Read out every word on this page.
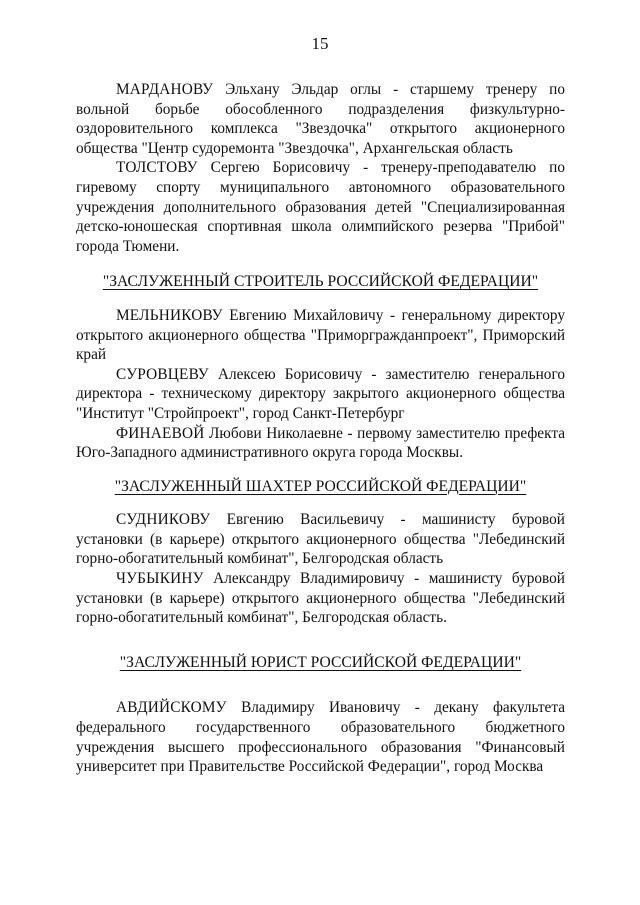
15

МАРДАНОВУ Эльхану Эльдар оглы - старшему тренеру по вольной борьбе обособленного подразделения физкультурно-оздоровительного комплекса "Звездочка" открытого акционерного общества "Центр судоремонта "Звездочка", Архангельская область

ТОЛСТОВУ Сергею Борисовичу - тренеру-преподавателю по гиревому спорту муниципального автономного образовательного учреждения дополнительного образования детей "Специализированная детско-юношеская спортивная школа олимпийского резерва "Прибой" города Тюмени.

"ЗАСЛУЖЕННЫЙ СТРОИТЕЛЬ РОССИЙСКОЙ ФЕДЕРАЦИИ"

МЕЛЬНИКОВУ Евгению Михайловичу - генеральному директору открытого акционерного общества "Приморгражданпроект", Приморский край

СУРОВЦЕВУ Алексею Борисовичу - заместителю генерального директора - техническому директору закрытого акционерного общества "Институт "Стройпроект", город Санкт-Петербург

ФИНАЕВОЙ Любови Николаевне - первому заместителю префекта Юго-Западного административного округа города Москвы.

"ЗАСЛУЖЕННЫЙ ШАХТЕР РОССИЙСКОЙ ФЕДЕРАЦИИ"

СУДНИКОВУ Евгению Васильевичу - машинисту буровой установки (в карьере) открытого акционерного общества "Лебединский горно-обогатительный комбинат", Белгородская область

ЧУБЫКИНУ Александру Владимировичу - машинисту буровой установки (в карьере) открытого акционерного общества "Лебединский горно-обогатительный комбинат", Белгородская область.

"ЗАСЛУЖЕННЫЙ ЮРИСТ РОССИЙСКОЙ ФЕДЕРАЦИИ"

АВДИЙСКОМУ Владимиру Ивановичу - декану факультета федерального государственного образовательного бюджетного учреждения высшего профессионального образования "Финансовый университет при Правительстве Российской Федерации", город Москва
